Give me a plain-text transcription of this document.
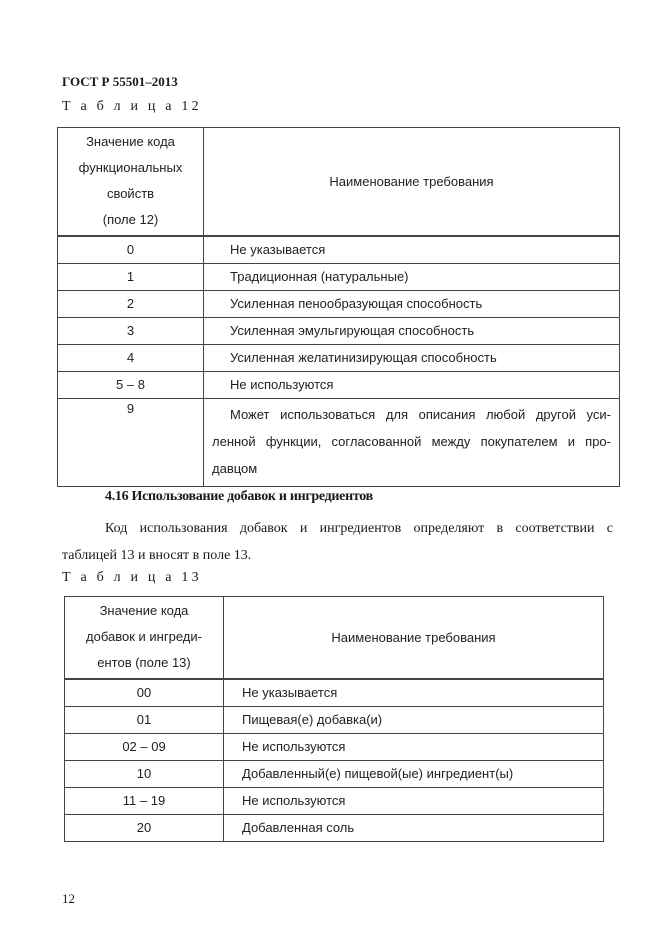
ГОСТ Р 55501–2013
Т а б л и ц а 12
Значение кода
функциональных
свойств
(поле 12)	Наименование требования
0	Не указывается
1	Традиционная (натуральные)
2	Усиленная пенообразующая способность
3	Усиленная эмульгирующая способность
4	Усиленная желатинизирующая способность
5 – 8	Не используются
9	Может использоваться для описания любой другой уси-
ленной функции, согласованной между покупателем и про-
давцом
4.16 Использование добавок и ингредиентов
Код использования добавок и ингредиентов определяют в соответствии с
таблицей 13 и вносят в поле 13.
Т а б л и ц а 13
Значение кода
добавок и ингреди-
ентов (поле 13)	Наименование требования
00	Не указывается
01	Пищевая(е) добавка(и)
02 – 09	Не используются
10	Добавленный(е) пищевой(ые) ингредиент(ы)
11 – 19	Не используются
20	Добавленная соль
12
